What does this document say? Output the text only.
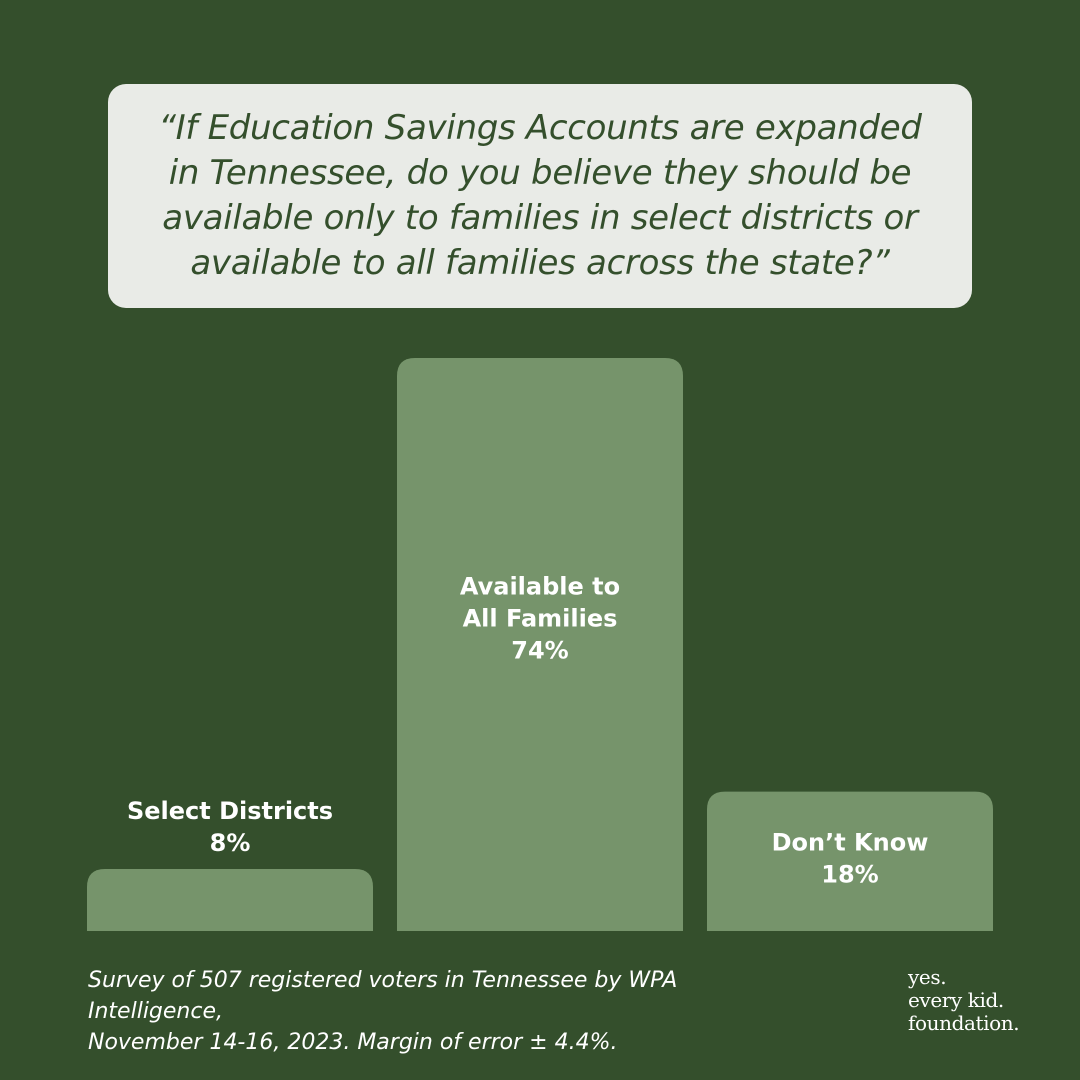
“If Education Savings Accounts are expanded in Tennessee, do you believe they should be available only to families in select districts or available to all families across the state?”

Select Districts
8%
Available to
All Families
74%
Don’t Know
18%

Survey of 507 registered voters in Tennessee by WPA Intelligence,
November 14-16, 2023. Margin of error ± 4.4%.

yes.
every kid.
foundation.
